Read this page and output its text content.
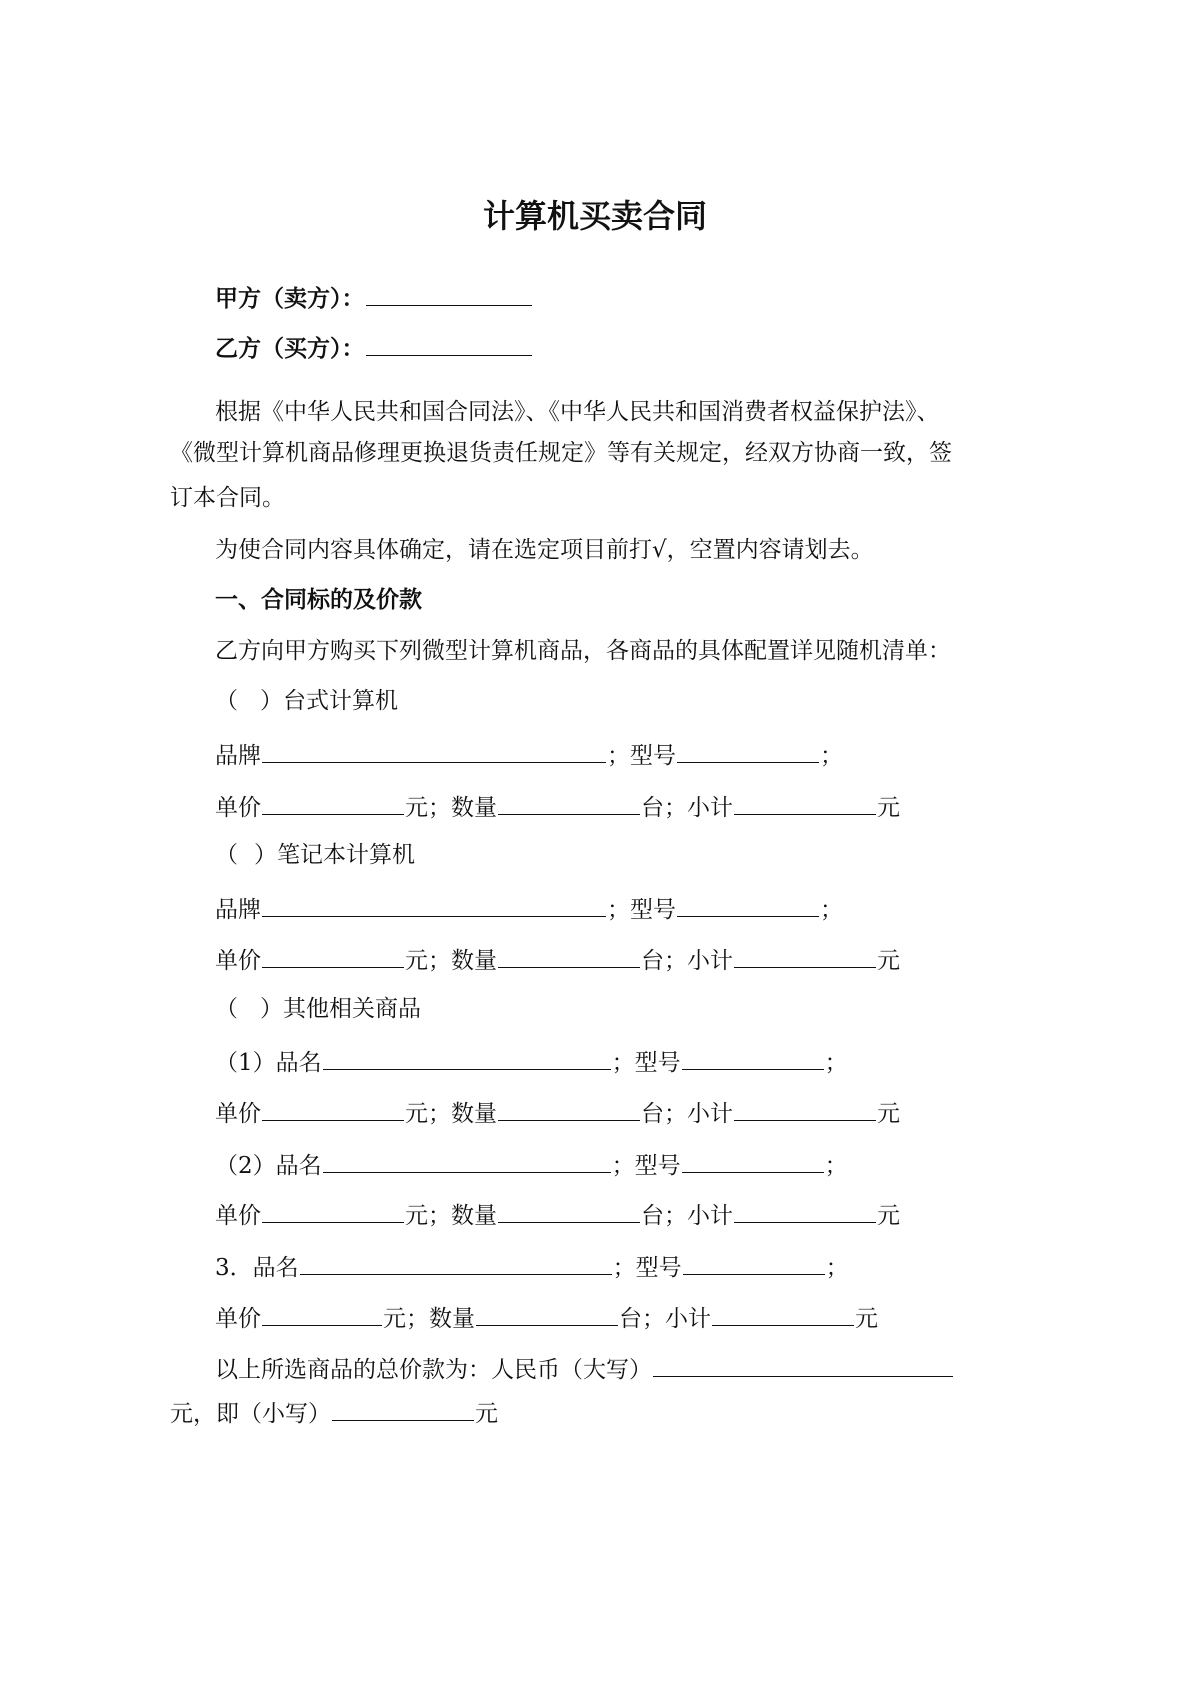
计算机买卖合同
甲方（卖方）：
乙方（买方）：
根据《中华人民共和国合同法》、《中华人民共和国消费者权益保护法》、
《微型计算机商品修理更换退货责任规定》等有关规定，经双方协商一致，签
订本合同。
为使合同内容具体确定，请在选定项目前打√，空置内容请划去。
一、合同标的及价款
乙方向甲方购买下列微型计算机商品，各商品的具体配置详见随机清单：
（ ）台式计算机
品牌	；型号	；
单价	元；数量	台；小计	元
（ ）笔记本计算机
品牌	；型号	；
单价	元；数量	台；小计	元
（ ）其他相关商品
（1）品名	；型号	；
单价	元；数量	台；小计	元
（2）品名	；型号	；
单价	元；数量	台；小计	元
3．品名	；型号	；
单价	元；数量	台；小计	元
以上所选商品的总价款为：人民币（大写）
元，即（小写）	元
